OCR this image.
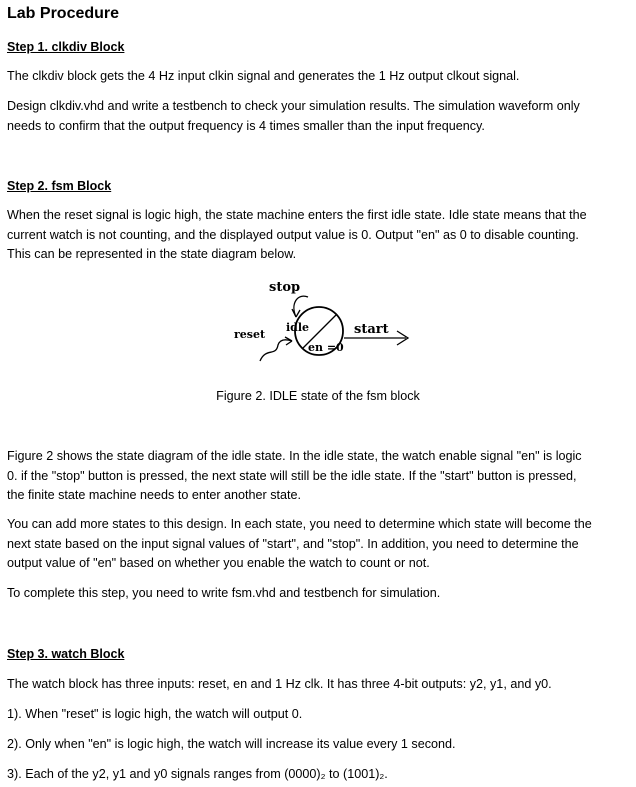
Lab Procedure
Step 1. clkdiv Block
The clkdiv block gets the 4 Hz input clkin signal and generates the 1 Hz output clkout signal.
Design clkdiv.vhd and write a testbench to check your simulation results. The simulation waveform only
needs to confirm that the output frequency is 4 times smaller than the input frequency.
Step 2. fsm Block
When the reset signal is logic high, the state machine enters the first idle state. Idle state means that the
current watch is not counting, and the displayed output value is 0. Output "en" as 0 to disable counting.
This can be represented in the state diagram below.
stop
reset
idle
en =0
start
Figure 2. IDLE state of the fsm block
Figure 2 shows the state diagram of the idle state. In the idle state, the watch enable signal "en" is logic
0. if the "stop" button is pressed, the next state will still be the idle state. If the "start" button is pressed,
the finite state machine needs to enter another state.
You can add more states to this design. In each state, you need to determine which state will become the
next state based on the input signal values of "start", and "stop". In addition, you need to determine the
output value of "en" based on whether you enable the watch to count or not.
To complete this step, you need to write fsm.vhd and testbench for simulation.
Step 3. watch Block
The watch block has three inputs: reset, en and 1 Hz clk. It has three 4-bit outputs: y2, y1, and y0.
1). When "reset" is logic high, the watch will output 0.
2). Only when "en" is logic high, the watch will increase its value every 1 second.
3). Each of the y2, y1 and y0 signals ranges from (0000)₂ to (1001)₂.
